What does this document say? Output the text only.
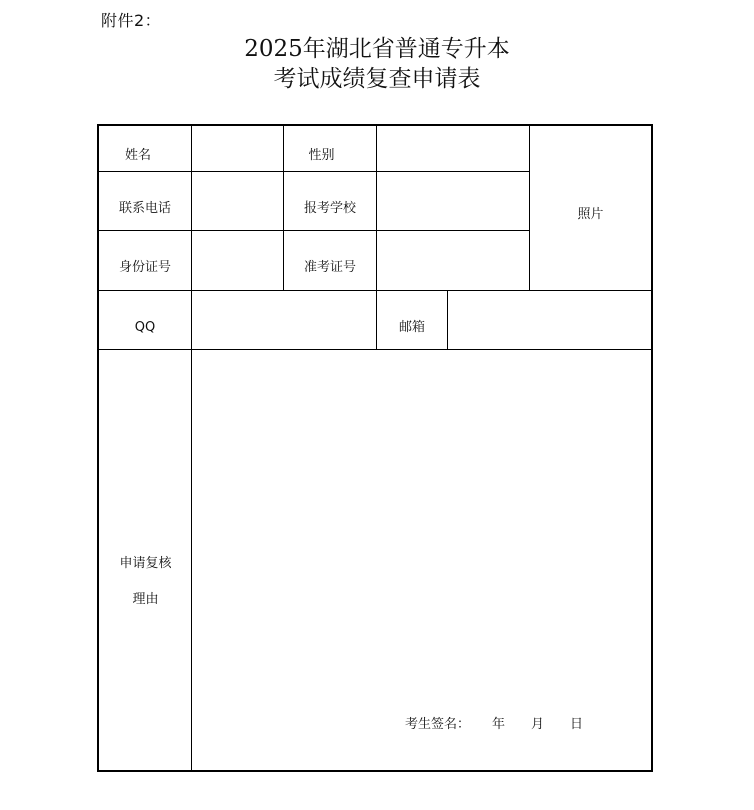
附件2：
2025年湖北省普通专升本
考试成绩复查申请表
姓名	性别
照片
联系电话	报考学校
身份证号	准考证号
QQ	邮箱
申请复核
理由
考生签名： 年 月 日
